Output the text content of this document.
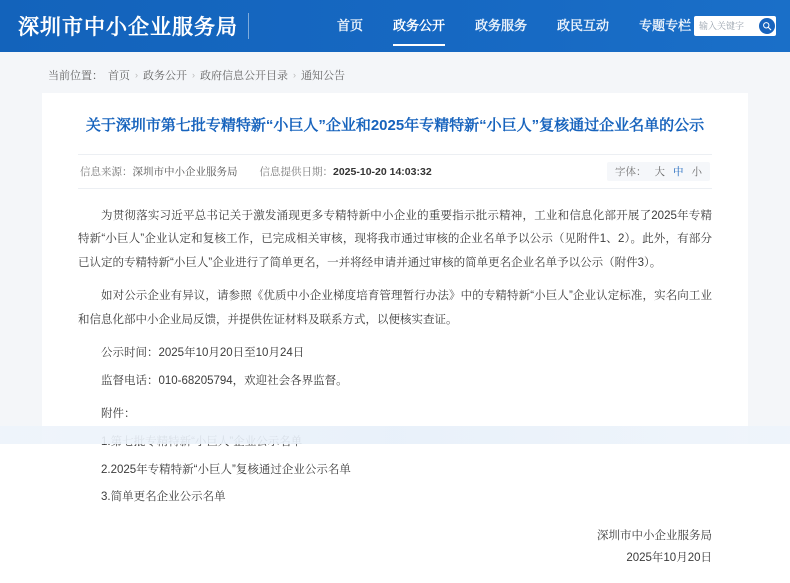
深圳市中小企业服务局	首页 政务公开 政务服务 政民互动 专题专栏
输入关键字
当前位置： 首页 › 政务公开 › 政府信息公开目录 › 通知公告
关于深圳市第七批专精特新“小巨人”企业和2025年专精特新“小巨人”复核通过企业名单的公示
信息来源：深圳市中小企业服务局 信息提供日期：2025-10-20 14:03:32	字体： 大 中 小

为贯彻落实习近平总书记关于激发涌现更多专精特新中小企业的重要指示批示精神，工业和信息化部开展了2025年专精特新“小巨人”企业认定和复核工作，已完成相关审核，现将我市通过审核的企业名单予以公示（见附件1、2）。此外，有部分已认定的专精特新“小巨人”企业进行了简单更名，一并将经申请并通过审核的简单更名企业名单予以公示（附件3）。

如对公示企业有异议，请参照《优质中小企业梯度培育管理暂行办法》中的专精特新“小巨人”企业认定标准，实名向工业和信息化部中小企业局反馈，并提供佐证材料及联系方式，以便核实查证。

公示时间：2025年10月20日至10月24日

监督电话：010-68205794，欢迎社会各界监督。

附件：

2.2025年专精特新“小巨人”复核通过企业公示名单

3.简单更名企业公示名单

深圳市中小企业服务局
2025年10月20日
